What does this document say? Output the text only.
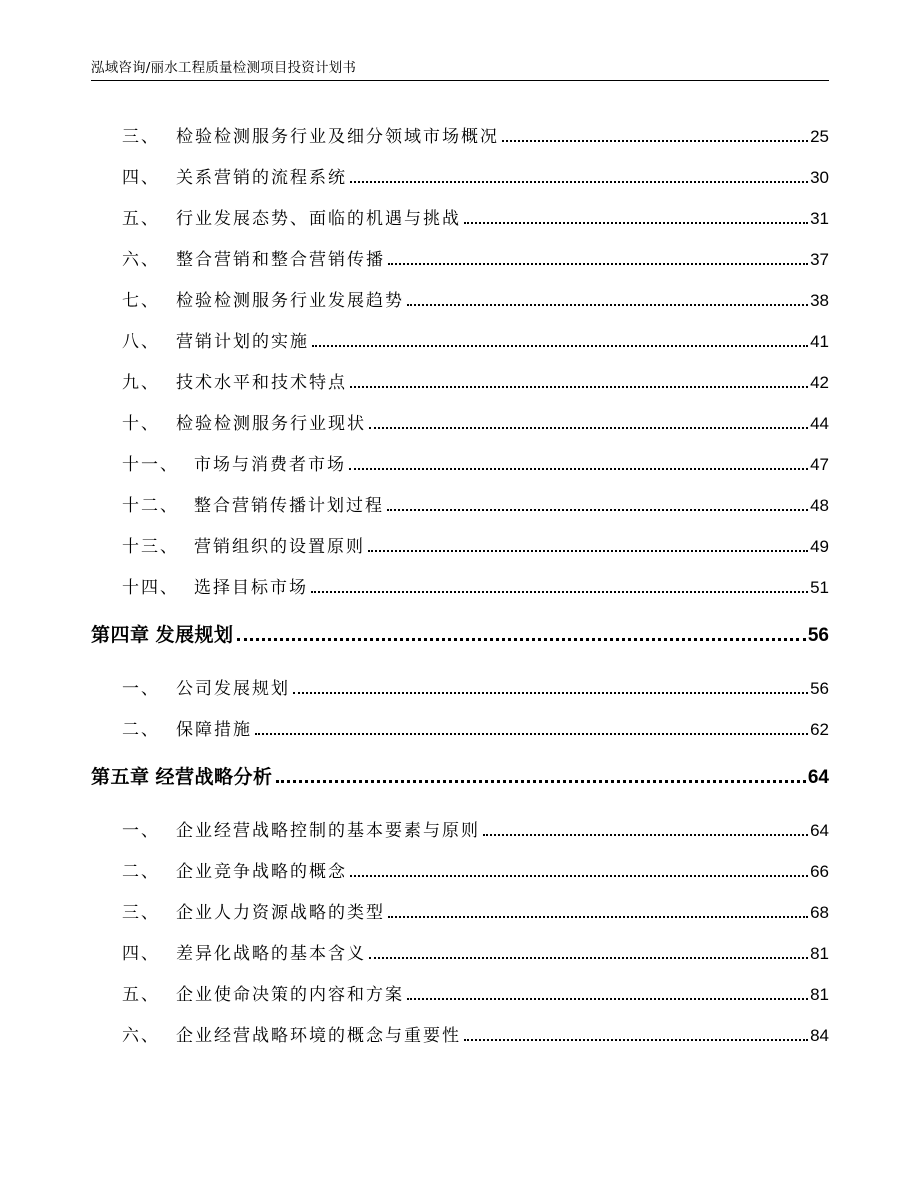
泓域咨询/丽水工程质量检测项目投资计划书
三、 检验检测服务行业及细分领域市场概况	25
四、 关系营销的流程系统	30
五、 行业发展态势、面临的机遇与挑战	31
六、 整合营销和整合营销传播	37
七、 检验检测服务行业发展趋势	38
八、 营销计划的实施	41
九、 技术水平和技术特点	42
十、 检验检测服务行业现状	44
十一、 市场与消费者市场	47
十二、 整合营销传播计划过程	48
十三、 营销组织的设置原则	49
十四、 选择目标市场	51
第四章 发展规划	56
一、 公司发展规划	56
二、 保障措施	62
第五章 经营战略分析	64
一、 企业经营战略控制的基本要素与原则	64
二、 企业竞争战略的概念	66
三、 企业人力资源战略的类型	68
四、 差异化战略的基本含义	81
五、 企业使命决策的内容和方案	81
六、 企业经营战略环境的概念与重要性	84
